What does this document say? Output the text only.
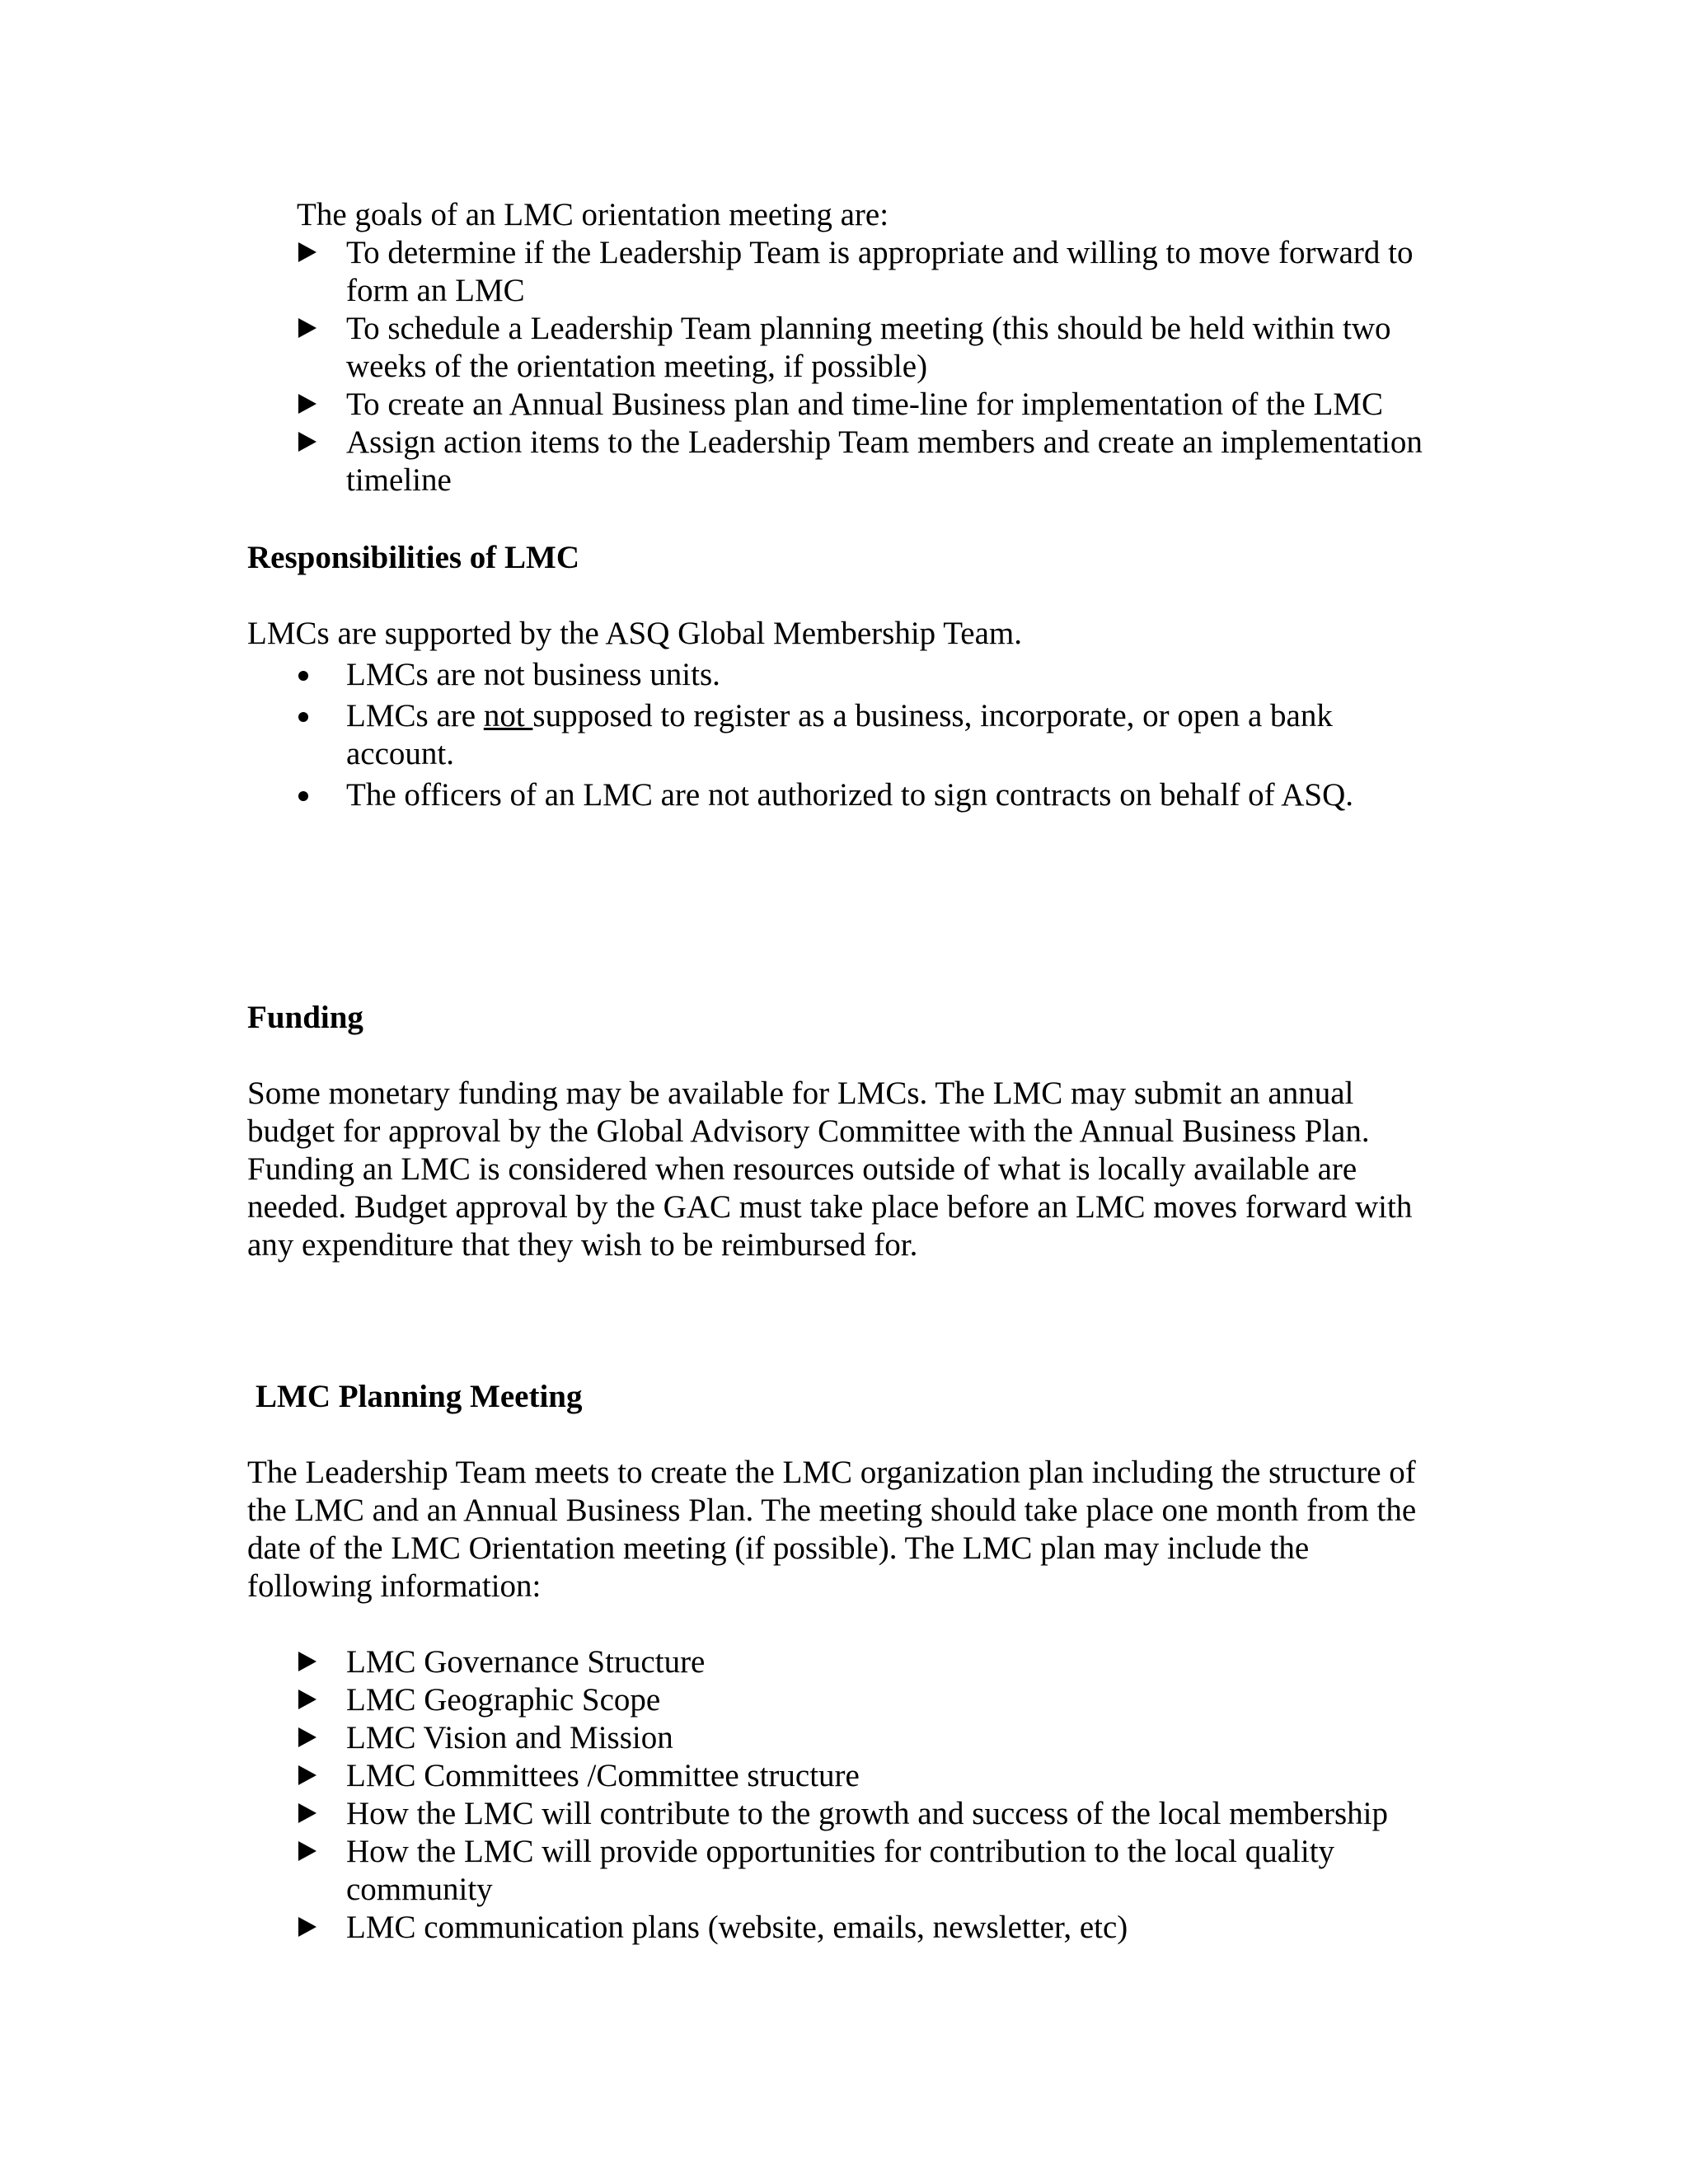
The goals of an LMC orientation meeting are:
To determine if the Leadership Team is appropriate and willing to move forward to form an LMC
To schedule a Leadership Team planning meeting (this should be held within two weeks of the orientation meeting, if possible)
To create an Annual Business plan and time-line for implementation of the LMC
Assign action items to the Leadership Team members and create an implementation timeline
Responsibilities of LMC

LMCs are supported by the ASQ Global Membership Team.

LMCs are not business units.
LMCs are not supposed to register as a business, incorporate, or open a bank account.
The officers of an LMC are not authorized to sign contracts on behalf of ASQ.
Funding

Some monetary funding may be available for LMCs. The LMC may submit an annual budget for approval by the Global Advisory Committee with the Annual Business Plan. Funding an LMC is considered when resources outside of what is locally available are needed. Budget approval by the GAC must take place before an LMC moves forward with any expenditure that they wish to be reimbursed for.

LMC Planning Meeting

The Leadership Team meets to create the LMC organization plan including the structure of the LMC and an Annual Business Plan. The meeting should take place one month from the date of the LMC Orientation meeting (if possible). The LMC plan may include the following information:

LMC Governance Structure
LMC Geographic Scope
LMC Vision and Mission
LMC Committees /Committee structure
How the LMC will contribute to the growth and success of the local membership
How the LMC will provide opportunities for contribution to the local quality community
LMC communication plans (website, emails, newsletter, etc)
